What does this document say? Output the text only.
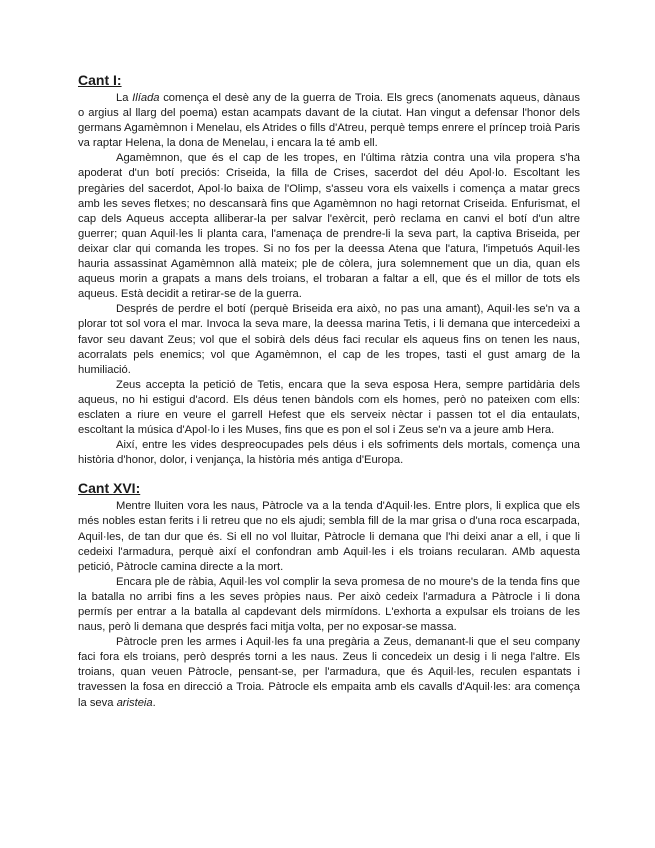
Cant I:

La Ilíada comença el desè any de la guerra de Troia. Els grecs (anomenats aqueus, dànaus o argius al llarg del poema) estan acampats davant de la ciutat. Han vingut a defensar l'honor dels germans Agamèmnon i Menelau, els Atrides o fills d'Atreu, perquè temps enrere el príncep troià Paris va raptar Helena, la dona de Menelau, i encara la té amb ell.

Agamèmnon, que és el cap de les tropes, en l'última ràtzia contra una vila propera s'ha apoderat d'un botí preciós: Criseida, la filla de Crises, sacerdot del déu Apol·lo. Escoltant les pregàries del sacerdot, Apol·lo baixa de l'Olimp, s'asseu vora els vaixells i comença a matar grecs amb les seves fletxes; no descansarà fins que Agamèmnon no hagi retornat Criseida. Enfurismat, el cap dels Aqueus accepta alliberar-la per salvar l'exèrcit, però reclama en canvi el botí d'un altre guerrer; quan Aquil·les li planta cara, l'amenaça de prendre-li la seva part, la captiva Briseida, per deixar clar qui comanda les tropes. Si no fos per la deessa Atena que l'atura, l'impetuós Aquil·les hauria assassinat Agamèmnon allà mateix; ple de còlera, jura solemnement que un dia, quan els aqueus morin a grapats a mans dels troians, el trobaran a faltar a ell, que és el millor de tots els aqueus. Està decidit a retirar-se de la guerra.

Després de perdre el botí (perquè Briseida era això, no pas una amant), Aquil·les se'n va a plorar tot sol vora el mar. Invoca la seva mare, la deessa marina Tetis, i li demana que intercedeixi a favor seu davant Zeus; vol que el sobirà dels déus faci recular els aqueus fins on tenen les naus, acorralats pels enemics; vol que Agamèmnon, el cap de les tropes, tasti el gust amarg de la humiliació.

Zeus accepta la petició de Tetis, encara que la seva esposa Hera, sempre partidària dels aqueus, no hi estigui d'acord. Els déus tenen bàndols com els homes, però no pateixen com ells: esclaten a riure en veure el garrell Hefest que els serveix nèctar i passen tot el dia entaulats, escoltant la música d'Apol·lo i les Muses, fins que es pon el sol i Zeus se'n va a jeure amb Hera.

Així, entre les vides despreocupades pels déus i els sofriments dels mortals, comença una història d'honor, dolor, i venjança, la història més antiga d'Europa.

Cant XVI:

Mentre lluiten vora les naus, Pàtrocle va a la tenda d'Aquil·les. Entre plors, li explica que els més nobles estan ferits i li retreu que no els ajudi; sembla fill de la mar grisa o d'una roca escarpada, Aquil·les, de tan dur que és. Si ell no vol lluitar, Pàtrocle li demana que l'hi deixi anar a ell, i que li cedeixi l'armadura, perquè així el confondran amb Aquil·les i els troians recularan. AMb aquesta petició, Pàtrocle camina directe a la mort.

Encara ple de ràbia, Aquil·les vol complir la seva promesa de no moure's de la tenda fins que la batalla no arribi fins a les seves pròpies naus. Per això cedeix l'armadura a Pàtrocle i li dona permís per entrar a la batalla al capdevant dels mirmídons. L'exhorta a expulsar els troians de les naus, però li demana que després faci mitja volta, per no exposar-se massa.

Pàtrocle pren les armes i Aquil·les fa una pregària a Zeus, demanant-li que el seu company faci fora els troians, però després torni a les naus. Zeus li concedeix un desig i li nega l'altre. Els troians, quan veuen Pàtrocle, pensant-se, per l'armadura, que és Aquil·les, reculen espantats i travessen la fosa en direcció a Troia. Pàtrocle els empaita amb els cavalls d'Aquil·les: ara comença la seva aristeia.
